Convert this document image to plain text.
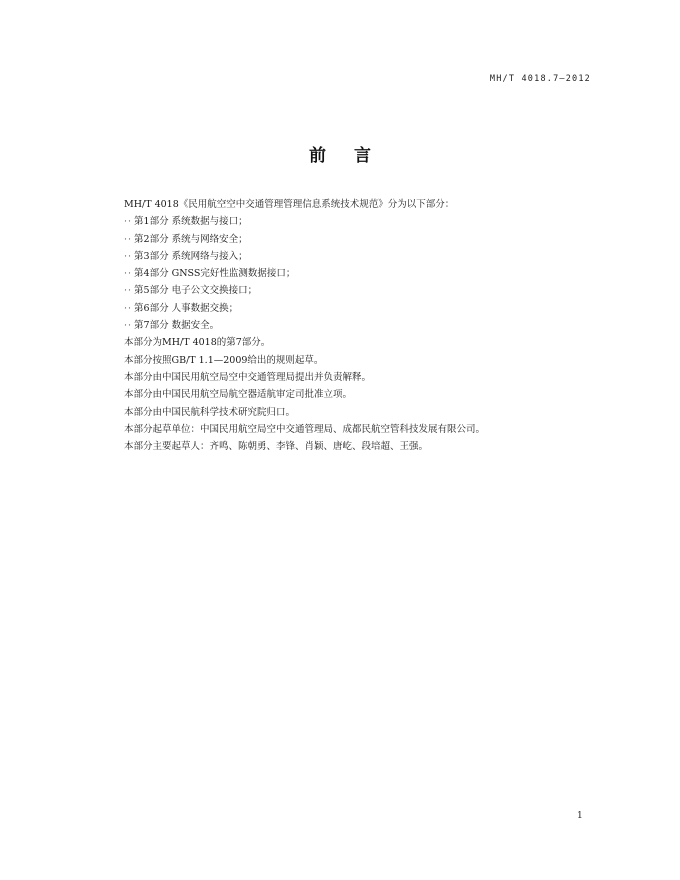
MH/T 4018.7—2012
前言
MH/T 4018《民用航空空中交通管理管理信息系统技术规范》分为以下部分：
·· 第1部分 系统数据与接口；
·· 第2部分 系统与网络安全；
·· 第3部分 系统网络与接入；
·· 第4部分 GNSS完好性监测数据接口；
·· 第5部分 电子公文交换接口；
·· 第6部分 人事数据交换；
·· 第7部分 数据安全。
本部分为MH/T 4018的第7部分。
本部分按照GB/T 1.1—2009给出的规则起草。
本部分由中国民用航空局空中交通管理局提出并负责解释。
本部分由中国民用航空局航空器适航审定司批准立项。
本部分由中国民航科学技术研究院归口。
本部分起草单位：中国民用航空局空中交通管理局、成都民航空管科技发展有限公司。
本部分主要起草人：齐鸣、陈朝勇、李锋、肖颖、唐屹、段培超、王强。
1
